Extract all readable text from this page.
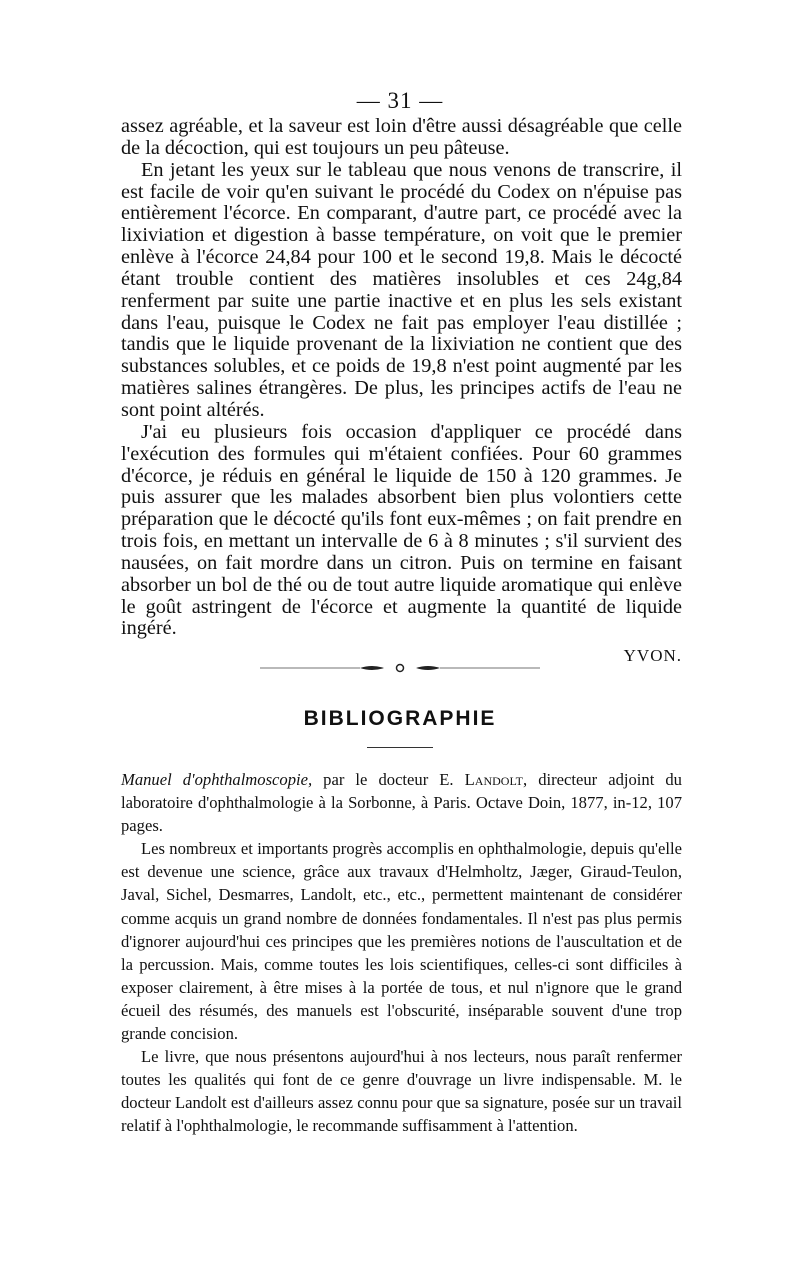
— 31 —

assez agréable, et la saveur est loin d'être aussi désagréable que celle de la décoction, qui est toujours un peu pâteuse.

En jetant les yeux sur le tableau que nous venons de transcrire, il est facile de voir qu'en suivant le procédé du Codex on n'épuise pas entièrement l'écorce. En comparant, d'autre part, ce procédé avec la lixiviation et digestion à basse température, on voit que le premier enlève à l'écorce 24,84 pour 100 et le second 19,8. Mais le décocté étant trouble contient des matières insolubles et ces 24g,84 renferment par suite une partie inactive et en plus les sels existant dans l'eau, puisque le Codex ne fait pas employer l'eau distillée ; tandis que le liquide provenant de la lixiviation ne contient que des substances solubles, et ce poids de 19,8 n'est point augmenté par les matières salines étrangères. De plus, les principes actifs de l'eau ne sont point altérés.

J'ai eu plusieurs fois occasion d'appliquer ce procédé dans l'exécution des formules qui m'étaient confiées. Pour 60 grammes d'écorce, je réduis en général le liquide de 150 à 120 grammes. Je puis assurer que les malades absorbent bien plus volontiers cette préparation que le décocté qu'ils font eux-mêmes ; on fait prendre en trois fois, en mettant un intervalle de 6 à 8 minutes ; s'il survient des nausées, on fait mordre dans un citron. Puis on termine en faisant absorber un bol de thé ou de tout autre liquide aromatique qui enlève le goût astringent de l'écorce et augmente la quantité de liquide ingéré.

YVON.
BIBLIOGRAPHIE

Manuel d'ophthalmoscopie, par le docteur E. Landolt, directeur adjoint du laboratoire d'ophthalmologie à la Sorbonne, à Paris. Octave Doin, 1877, in-12, 107 pages.

Les nombreux et importants progrès accomplis en ophthalmologie, depuis qu'elle est devenue une science, grâce aux travaux d'Helmholtz, Jæger, Giraud-Teulon, Javal, Sichel, Desmarres, Landolt, etc., etc., permettent maintenant de considérer comme acquis un grand nombre de données fondamentales. Il n'est pas plus permis d'ignorer aujourd'hui ces principes que les premières notions de l'auscultation et de la percussion. Mais, comme toutes les lois scientifiques, celles-ci sont difficiles à exposer clairement, à être mises à la portée de tous, et nul n'ignore que le grand écueil des résumés, des manuels est l'obscurité, inséparable souvent d'une trop grande concision.

Le livre, que nous présentons aujourd'hui à nos lecteurs, nous paraît renfermer toutes les qualités qui font de ce genre d'ouvrage un livre indispensable. M. le docteur Landolt est d'ailleurs assez connu pour que sa signature, posée sur un travail relatif à l'ophthalmologie, le recommande suffisamment à l'attention.
